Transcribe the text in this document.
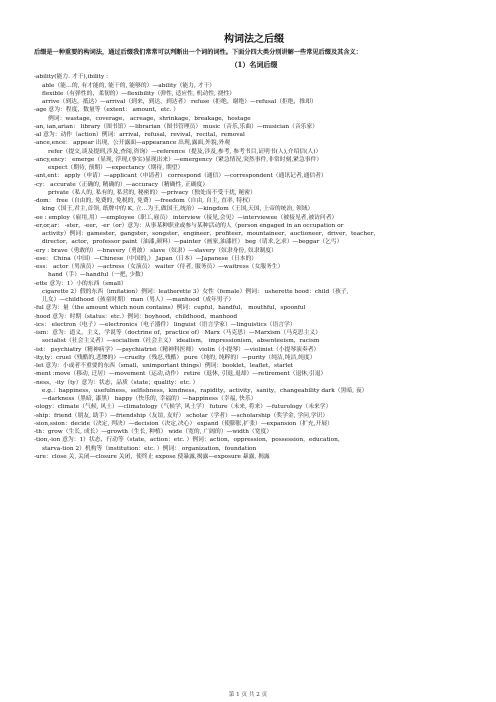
构词法之后缀

后缀是一种重要的构词法，通过后缀我们常常可以判断出一个词的词性。下面分四大类分别讲解一些常见后缀及其含义：

（1）名词后缀
-ability(能力. 才干),ibility :
able（能…的, 有才能的, 能干的, 能够的）—ability（能力, 才干）
flexible（有弹性的，柔韧的）—flexibility（弹性, 适应性, 机动性, 挠性）
arrive（到达，抵达）—arrival（到来，到达，到达者） refuse（拒绝，谢绝）—refusal（拒绝，推却）
-age 意为：程度，数量等（extent： amount，etc. ）
例词：wastage，coverage， acreage，shrinkage，breakage，hostage
-an, ian,arian： library（图书馆）—librarian（图书管理员） music（音乐,乐曲）—musician（音乐家）
-al 意为：动作（action）例词：arrival，refusal，revival，recital，removal
-ance,ence： appear 出现，公开露面—appearance 出现,露面,外貌,外观
refer（提交,谈及提到,涉及,查阅,咨询）—reference（提及,涉及,参考, 参考书目,证明书(人),介绍信(人)）
-ancy,ency： emerge（显现, 浮现,(事实)显现出来）—emergency（紧急情况,突然事件,非常时刻,紧急事件）
expect（期待, 预期）—expectancy（期待, 期望）
-ant,ent： apply（申请）—applicant（申请者） correspond（通信）—correspondent（通讯记者,通信者）
-cy： accurate（正确的, 精确的）—accuracy（精确性, 正确度）
private（私人的, 私有的, 私营的, 秘密的）—privacy（独处而不受干扰, 秘密）
-dom： free（自由的, 免费的, 免税的, 免费）—freedom（自由, 自主, 直率, 特权）
king（国王,君主,首领, 纸牌中的 K, 立…为王,做国王,统治）—kingdom（王国,天国, 上帝的统治, 领域）
-ee : employ（雇用,用）—employee（职工,雇员） interview（接见,会见）—interviewee（被接见者,被访问者）
-er,or,ar： -ster，-eer，-er（or）意为：从事某种职业或参与某种活动的人（person engaged in an occupation or
activity）例词：gamester，gangster，songster，engineer，profiteer，mountaineer，auctioneer，driver，teacher，
director，actor，professor paint（油漆,颜料）—painter（画家,油漆匠） beg（请求,乞求）—beggar（乞丐）
-ery : brave（勇敢的）—bravery（勇敢） slave（奴隶）—slavery（奴隶身份, 奴隶制度）
-ese： China（中国）—Chinese（中国的,） Japan（日本）—Japanese（日本的）
-ess： actor（男演员）—actress（女演员） waiter（侍者, 服务员）—waitress（女服务生）
hand（手）—handful（一把, 少数）
-ette 意为：1）小的东西（small）
cigarette 2）假的东西（imitation）例词：leatherette 3）女性（female）例词： usherette hood：child（孩子,
儿女）—childhood（孩童时期） man（男人）—manhood（成年男子）
-ful 意为：量（the amount which noun contains）例词：cupful，handful， mouthful，spoonful
-hood 意为：时期（status：etc.）例词：boyhood，childhood，manhood
-ics： electron（电子）—electronics（电子器件） linguist（语言学家）—linguistics（语言学）
-ism：意为：道义，主义，学说等（doctrine of，practice of） Marx（马克思）—Marxism（马克思主义）
socialist（社会主义者）—socialism（社会主义） idealism， impressionism，absenteeism，racism
-ist： psychiatry（精神病学）—psychiatrist（精神科医师） violin（小提琴）—violinist（小提琴演奏者）
-ity,ty：cruel（残酷的,悲惨的）—cruelty（残忍,残酷） pure（纯的, 纯粹的）—purity（纯洁,纯洁,纯度）
-let 意为：小或者不重要的东西（small，unimportant things）例词：booklet，leaflet，starlet
-ment :move（移动, 迁居）—movement（运动,动作） retire（退休, 引退,退却）—retirement（退休,引退）
-ness，-ity（ty）意为：状态，品质（state；quality：etc. ）
e.g.：happiness，usefulness，selfishness，kindness，rapidity，activity，sanity，changeability dark（黑暗, 夜）
—darkness（黑暗, 漆黑） happy（快乐的, 幸福的）—happiness（幸福, 快乐）
-ology：climate（气候, 风土）—climatology（气候学, 风土学） future（未来, 将来）—futurology（未来学）
-ship：friend（朋友, 助手）—friendship（友谊, 友好） scholar（学者）—scholarship（奖学金, 学问,学识）
-sion,ssion：decide（决定, 判决）—decision（决定,决心） expand（使膨胀,扩张）—expansion（扩充,开展）
-th：grow（生长, 成长）—growth（生长, 种植） wide（宽的, 广阔的）—width（宽度）
-tion,-ion 意为：1）状态，行动等（state，action：etc. ）例词：action，oppression，possession，education，
starva-tion 2）机构等（institution：etc. ）例词： organization，foundation
-ure：close 关, 关闭—closure 关闭，使终止 expose 使暴露,揭露—exposure 暴露, 揭露
第 1 页 共 2 页
